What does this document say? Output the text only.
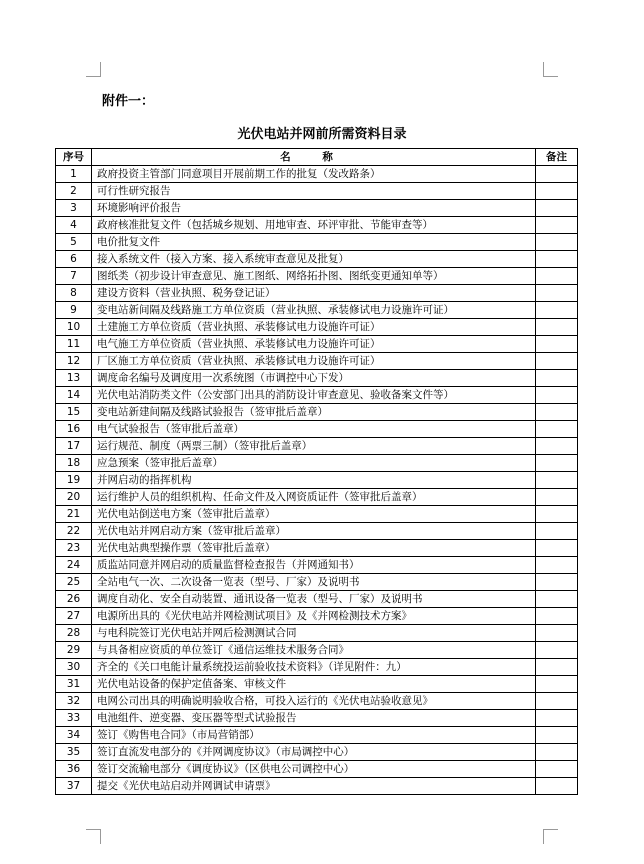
附件一：
光伏电站并网前所需资料目录
序号	名 称	备注
1	政府投资主管部门同意项目开展前期工作的批复（发改路条）	
2	可行性研究报告	
3	环境影响评价报告	
4	政府核准批复文件（包括城乡规划、用地审查、环评审批、节能审查等）	
5	电价批复文件	
6	接入系统文件（接入方案、接入系统审查意见及批复）	
7	图纸类（初步设计审查意见、施工图纸、网络拓扑图、图纸变更通知单等）	
8	建设方资料（营业执照、税务登记证）	
9	变电站新间隔及线路施工方单位资质（营业执照、承装修试电力设施许可证）	
10	土建施工方单位资质（营业执照、承装修试电力设施许可证）	
11	电气施工方单位资质（营业执照、承装修试电力设施许可证）	
12	厂区施工方单位资质（营业执照、承装修试电力设施许可证）	
13	调度命名编号及调度用一次系统图（市调控中心下发）	
14	光伏电站消防类文件（公安部门出具的消防设计审查意见、验收备案文件等）	
15	变电站新建间隔及线路试验报告（签审批后盖章）	
16	电气试验报告（签审批后盖章）	
17	运行规范、制度（两票三制）（签审批后盖章）	
18	应急预案（签审批后盖章）	
19	并网启动的指挥机构	
20	运行维护人员的组织机构、任命文件及入网资质证件（签审批后盖章）	
21	光伏电站倒送电方案（签审批后盖章）	
22	光伏电站并网启动方案（签审批后盖章）	
23	光伏电站典型操作票（签审批后盖章）	
24	质监站同意并网启动的质量监督检查报告（并网通知书）	
25	全站电气一次、二次设备一览表（型号、厂家）及说明书	
26	调度自动化、安全自动装置、通讯设备一览表（型号、厂家）及说明书	
27	电源所出具的《光伏电站并网检测试项目》及《并网检测技术方案》	
28	与电科院签订光伏电站并网后检测测试合同	
29	与具备相应资质的单位签订《通信运维技术服务合同》	
30	齐全的《关口电能计量系统投运前验收技术资料》（详见附件：九）	
31	光伏电站设备的保护定值备案、审核文件	
32	电网公司出具的明确说明验收合格，可投入运行的《光伏电站验收意见》	
33	电池组件、逆变器、变压器等型式试验报告	
34	签订《购售电合同》（市局营销部）	
35	签订直流发电部分的《并网调度协议》（市局调控中心）	
36	签订交流输电部分《调度协议》（区供电公司调控中心）	
37	提交《光伏电站启动并网调试申请票》	
